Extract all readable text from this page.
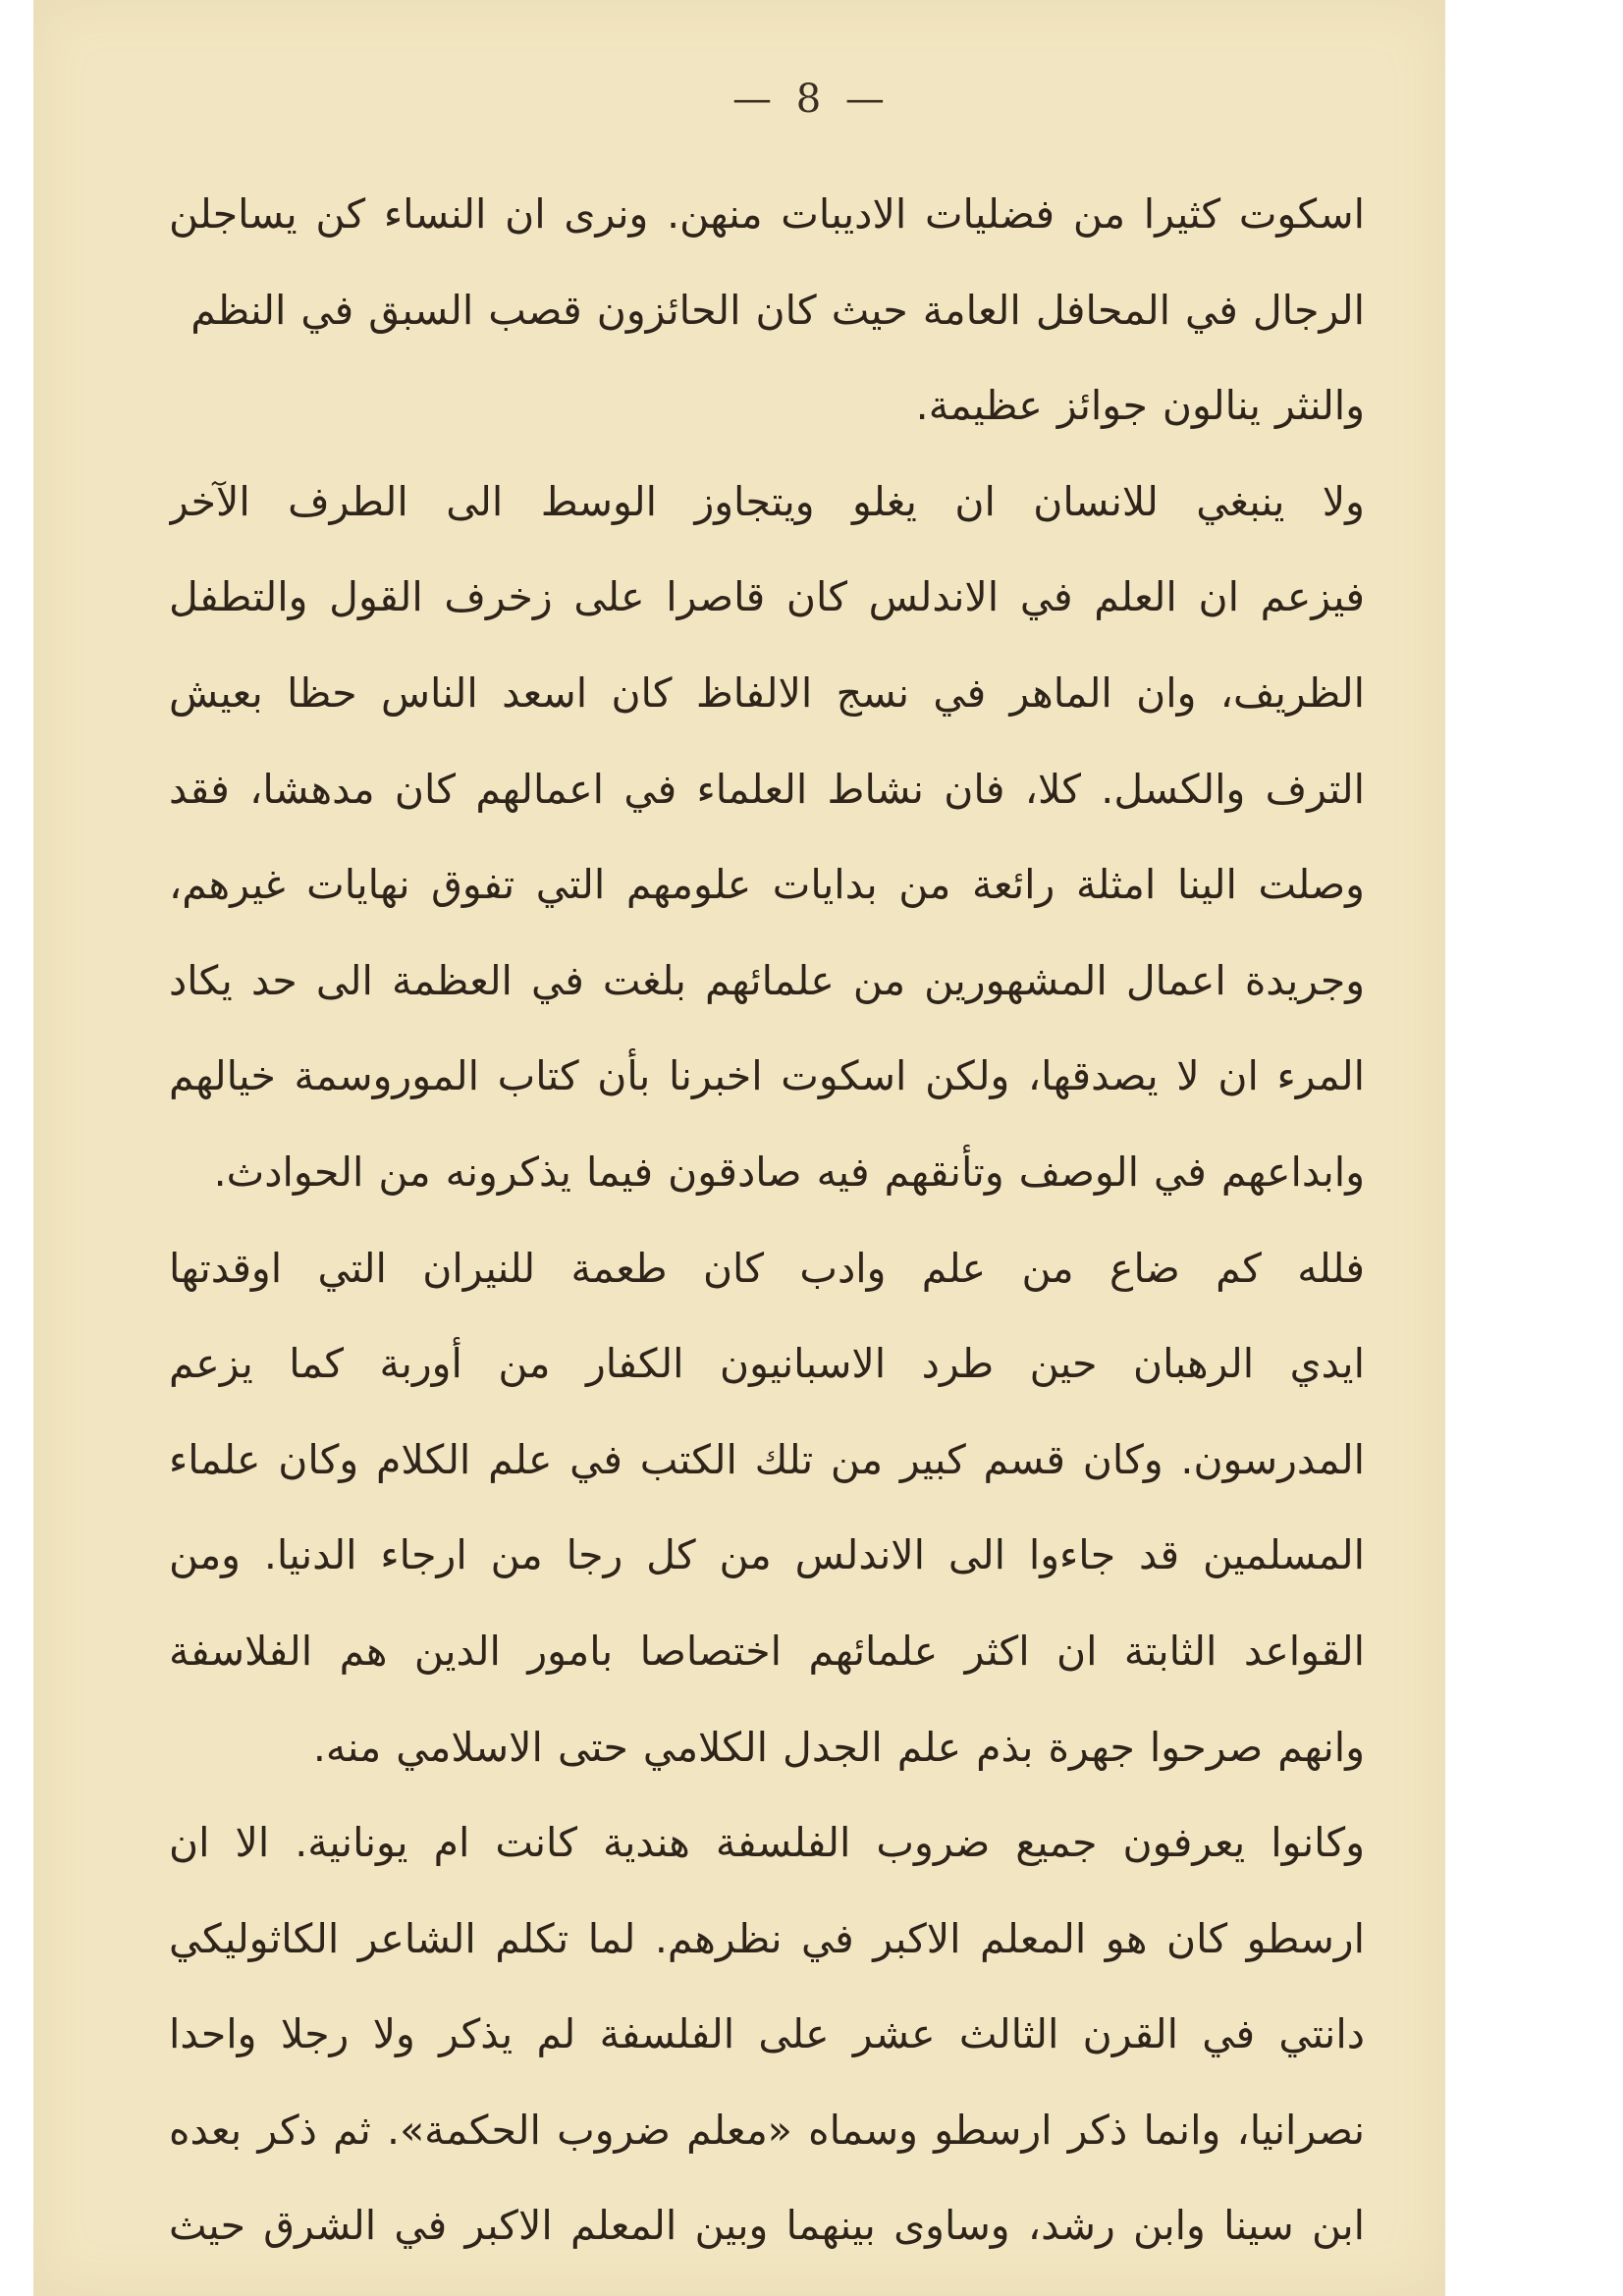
— 8 —
اسكوت كثيرا من فضليات الاديبات منهن. ونرى ان النساء كن يساجلن
الرجال في المحافل العامة حيث كان الحائزون قصب السبق في النظم
والنثر ينالون جوائز عظيمة.
ولا ينبغي للانسان ان يغلو ويتجاوز الوسط الى الطرف الآخر
فيزعم ان العلم في الاندلس كان قاصرا على زخرف القول والتطفل
الظريف، وان الماهر في نسج الالفاظ كان اسعد الناس حظا بعيش
الترف والكسل. كلا، فان نشاط العلماء في اعمالهم كان مدهشا، فقد
وصلت الينا امثلة رائعة من بدايات علومهم التي تفوق نهايات غيرهم،
وجريدة اعمال المشهورين من علمائهم بلغت في العظمة الى حد يكاد
المرء ان لا يصدقها، ولكن اسكوت اخبرنا بأن كتاب الموروسمة خيالهم
وابداعهم في الوصف وتأنقهم فيه صادقون فيما يذكرونه من الحوادث.
فلله كم ضاع من علم وادب كان طعمة للنيران التي اوقدتها
ايدي الرهبان حين طرد الاسبانيون الكفار من أوربة كما يزعم
المدرسون. وكان قسم كبير من تلك الكتب في علم الكلام وكان علماء
المسلمين قد جاءوا الى الاندلس من كل رجا من ارجاء الدنيا. ومن
القواعد الثابتة ان اكثر علمائهم اختصاصا بامور الدين هم الفلاسفة
وانهم صرحوا جهرة بذم علم الجدل الكلامي حتى الاسلامي منه.
وكانوا يعرفون جميع ضروب الفلسفة هندية كانت ام يونانية. الا ان
ارسطو كان هو المعلم الاكبر في نظرهم. لما تكلم الشاعر الكاثوليكي
دانتي في القرن الثالث عشر على الفلسفة لم يذكر ولا رجلا واحدا
نصرانيا، وانما ذكر ارسطو وسماه «معلم ضروب الحكمة». ثم ذكر بعده
ابن سينا وابن رشد، وساوى بينهما وبين المعلم الاكبر في الشرق حيث
